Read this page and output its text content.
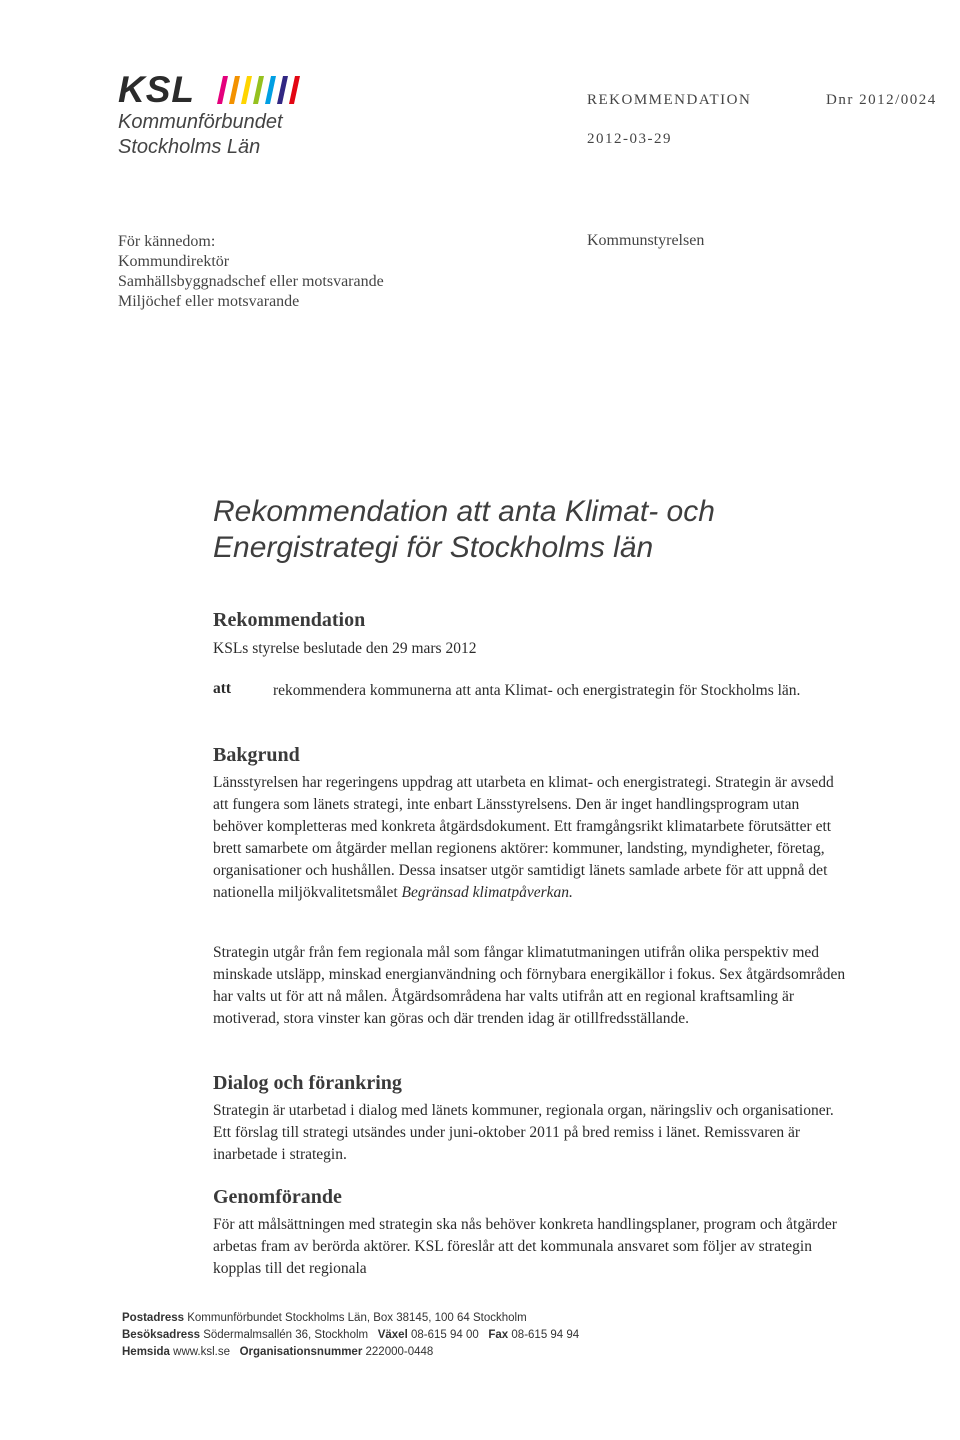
KSL
Kommunförbundet
Stockholms Län
REKOMMENDATION
2012-03-29
Dnr 2012/0024
För kännedom:
Kommundirektör
Samhällsbyggnadschef eller motsvarande
Miljöchef eller motsvarande
Kommunstyrelsen
Rekommendation att anta Klimat- och
Energistrategi för Stockholms län
Rekommendation

KSLs styrelse beslutade den 29 mars 2012

att	rekommendera kommunerna att anta Klimat- och energistrategin för Stockholms län.

Bakgrund

Länsstyrelsen har regeringens uppdrag att utarbeta en klimat- och energistrategi. Strategin är avsedd att fungera som länets strategi, inte enbart Länsstyrelsens. Den är inget handlingsprogram utan behöver kompletteras med konkreta åtgärdsdokument. Ett framgångsrikt klimatarbete förutsätter ett brett samarbete om åtgärder mellan regionens aktörer: kommuner, landsting, myndigheter, företag, organisationer och hushållen. Dessa insatser utgör samtidigt länets samlade arbete för att uppnå det nationella miljökvalitetsmålet Begränsad klimatpåverkan.

Strategin utgår från fem regionala mål som fångar klimatutmaningen utifrån olika perspektiv med minskade utsläpp, minskad energianvändning och förnybara energikällor i fokus. Sex åtgärdsområden har valts ut för att nå målen. Åtgärdsområdena har valts utifrån att en regional kraftsamling är motiverad, stora vinster kan göras och där trenden idag är otillfredsställande.

Dialog och förankring

Strategin är utarbetad i dialog med länets kommuner, regionala organ, näringsliv och organisationer. Ett förslag till strategi utsändes under juni-oktober 2011 på bred remiss i länet. Remissvaren är inarbetade i strategin.

Genomförande

För att målsättningen med strategin ska nås behöver konkreta handlingsplaner, program och åtgärder arbetas fram av berörda aktörer. KSL föreslår att det kommunala ansvaret som följer av strategin kopplas till det regionala

Postadress Kommunförbundet Stockholms Län, Box 38145, 100 64 Stockholm
Besöksadress Södermalmsallén 36, Stockholm Växel 08-615 94 00 Fax 08-615 94 94
Hemsida www.ksl.se Organisationsnummer 222000-0448
